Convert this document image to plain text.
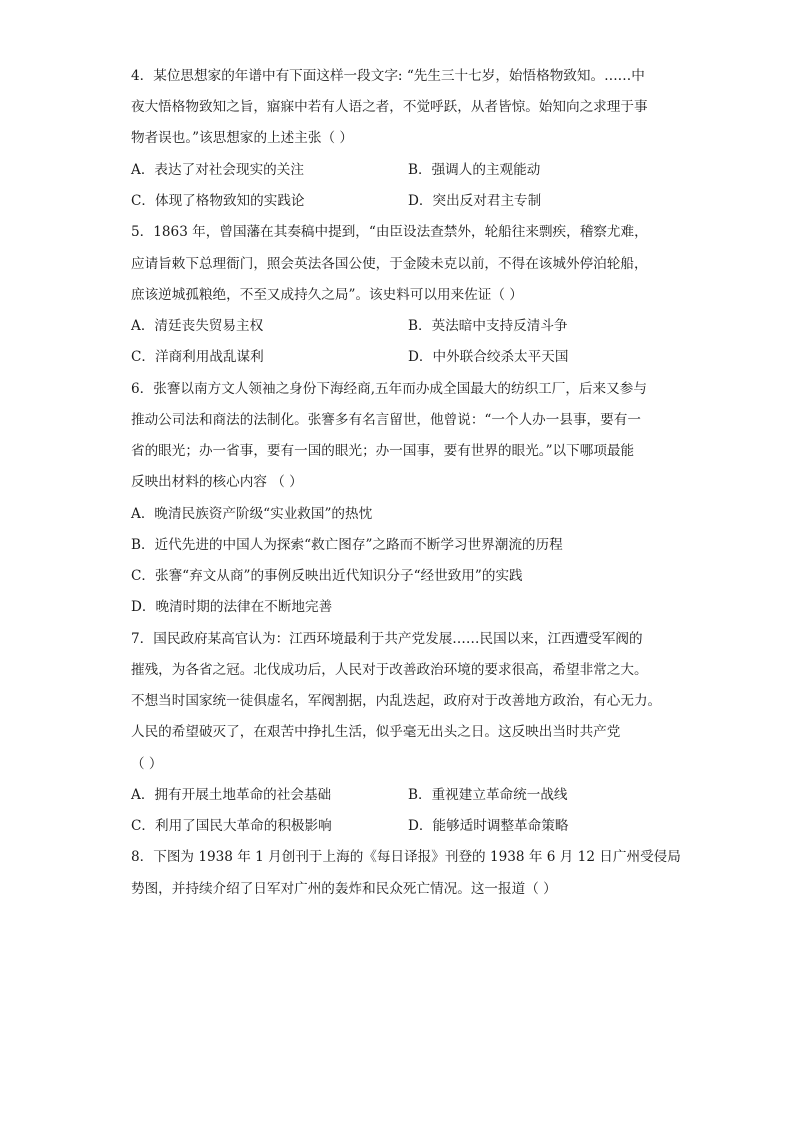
4．某位思想家的年谱中有下面这样一段文字: “先生三十七岁，始悟格物致知。……中
夜大悟格物致知之旨，寤寐中若有人语之者，不觉呼跃，从者皆惊。始知向之求理于事
物者误也。”该思想家的上述主张（ ）
A．表达了对社会现实的关注	B．强调人的主观能动
C．体现了格物致知的实践论	D．突出反对君主专制
5．1863 年，曾国藩在其奏稿中提到，“由臣设法查禁外，轮船往来剽疾，稽察尤难，
应请旨敕下总理衙门，照会英法各国公使，于金陵未克以前，不得在该城外停泊轮船，
庶该逆城孤粮绝，不至又成持久之局”。该史料可以用来佐证（ ）
A．清廷丧失贸易主权	B．英法暗中支持反清斗争
C．洋商利用战乱谋利	D．中外联合绞杀太平天国
6．张謇以南方文人领袖之身份下海经商,五年而办成全国最大的纺织工厂，后来又参与
推动公司法和商法的法制化。张謇多有名言留世，他曾说：“一个人办一县事，要有一
省的眼光；办一省事，要有一国的眼光；办一国事，要有世界的眼光。”以下哪项最能
反映出材料的核心内容 （ ）
A．晚清民族资产阶级“实业救国”的热忱
B．近代先进的中国人为探索“救亡图存”之路而不断学习世界潮流的历程
C．张謇“弃文从商”的事例反映出近代知识分子“经世致用”的实践
D．晚清时期的法律在不断地完善
7．国民政府某高官认为：江西环境最利于共产党发展……民国以来，江西遭受军阀的
摧残，为各省之冠。北伐成功后，人民对于改善政治环境的要求很高，希望非常之大。
不想当时国家统一徒俱虚名，军阀割据，内乱迭起，政府对于改善地方政治，有心无力。
人民的希望破灭了，在艰苦中挣扎生活，似乎毫无出头之日。这反映出当时共产党
（ ）
A．拥有开展土地革命的社会基础	B．重视建立革命统一战线
C．利用了国民大革命的积极影响	D．能够适时调整革命策略
8．下图为 1938 年 1 月创刊于上海的《每日译报》刊登的 1938 年 6 月 12 日广州受侵局
势图，并持续介绍了日军对广州的轰炸和民众死亡情况。这一报道（ ）
